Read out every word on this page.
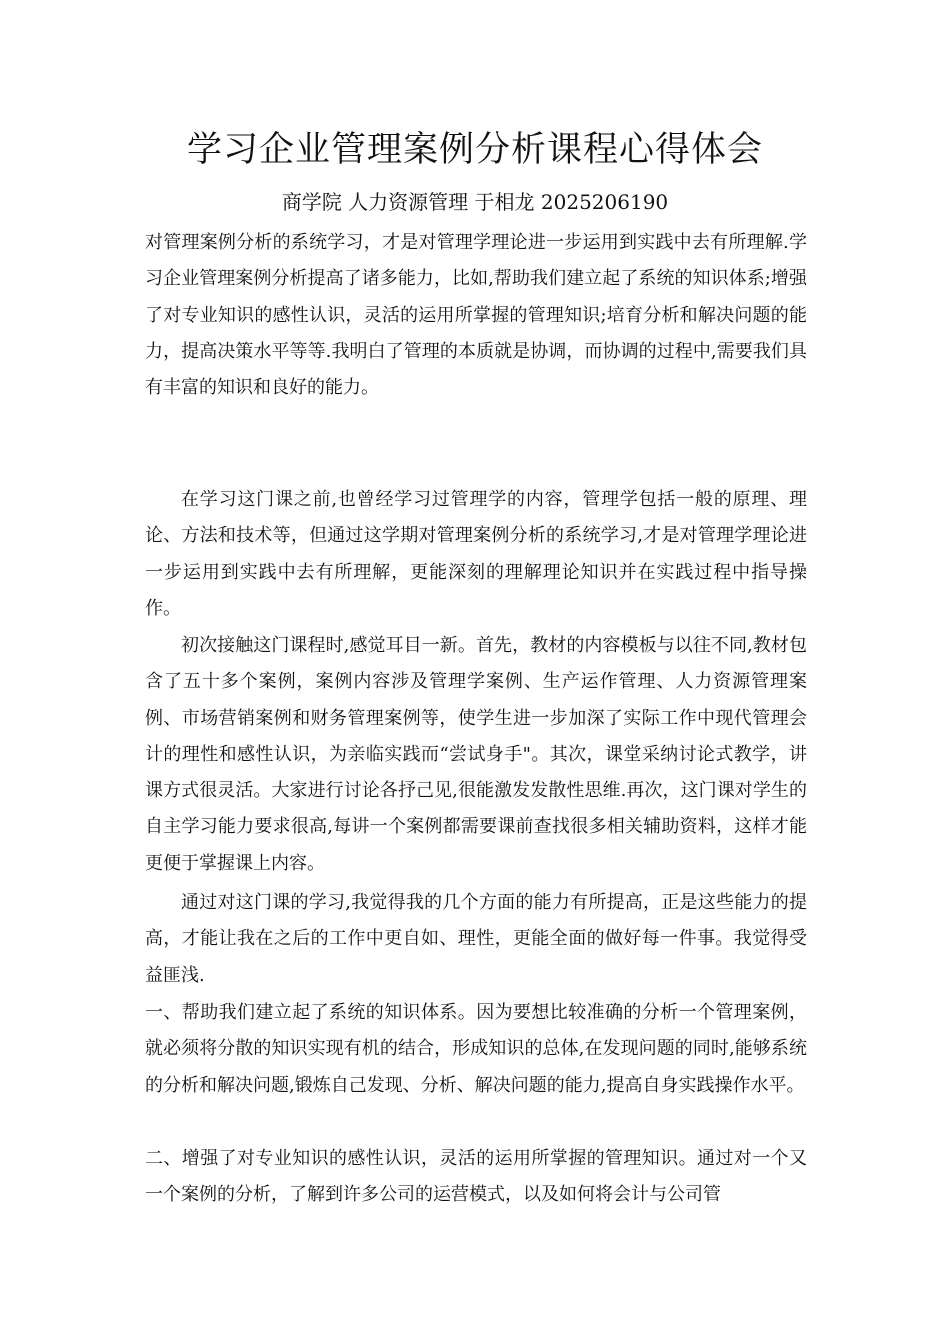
学习企业管理案例分析课程心得体会

商学院 人力资源管理 于相龙 2025206190

对管理案例分析的系统学习，才是对管理学理论进一步运用到实践中去有所理解.学习企业管理案例分析提高了诸多能力，比如,帮助我们建立起了系统的知识体系;增强了对专业知识的感性认识，灵活的运用所掌握的管理知识;培育分析和解决问题的能力，提高决策水平等等.我明白了管理的本质就是协调，而协调的过程中,需要我们具有丰富的知识和良好的能力。

在学习这门课之前,也曾经学习过管理学的内容，管理学包括一般的原理、理论、方法和技术等，但通过这学期对管理案例分析的系统学习,才是对管理学理论进一步运用到实践中去有所理解，更能深刻的理解理论知识并在实践过程中指导操作。

初次接触这门课程时,感觉耳目一新。首先，教材的内容模板与以往不同,教材包含了五十多个案例，案例内容涉及管理学案例、生产运作管理、人力资源管理案例、市场营销案例和财务管理案例等，使学生进一步加深了实际工作中现代管理会计的理性和感性认识，为亲临实践而“尝试身手"。其次，课堂采纳讨论式教学，讲课方式很灵活。大家进行讨论各抒己见,很能激发发散性思维.再次，这门课对学生的自主学习能力要求很高,每讲一个案例都需要课前查找很多相关辅助资料，这样才能更便于掌握课上内容。

通过对这门课的学习,我觉得我的几个方面的能力有所提高，正是这些能力的提高，才能让我在之后的工作中更自如、理性，更能全面的做好每一件事。我觉得受益匪浅.

一、帮助我们建立起了系统的知识体系。因为要想比较准确的分析一个管理案例，就必须将分散的知识实现有机的结合，形成知识的总体,在发现问题的同时,能够系统的分析和解决问题,锻炼自己发现、分析、解决问题的能力,提高自身实践操作水平。

二、增强了对专业知识的感性认识，灵活的运用所掌握的管理知识。通过对一个又一个案例的分析，了解到许多公司的运营模式，以及如何将会计与公司管
